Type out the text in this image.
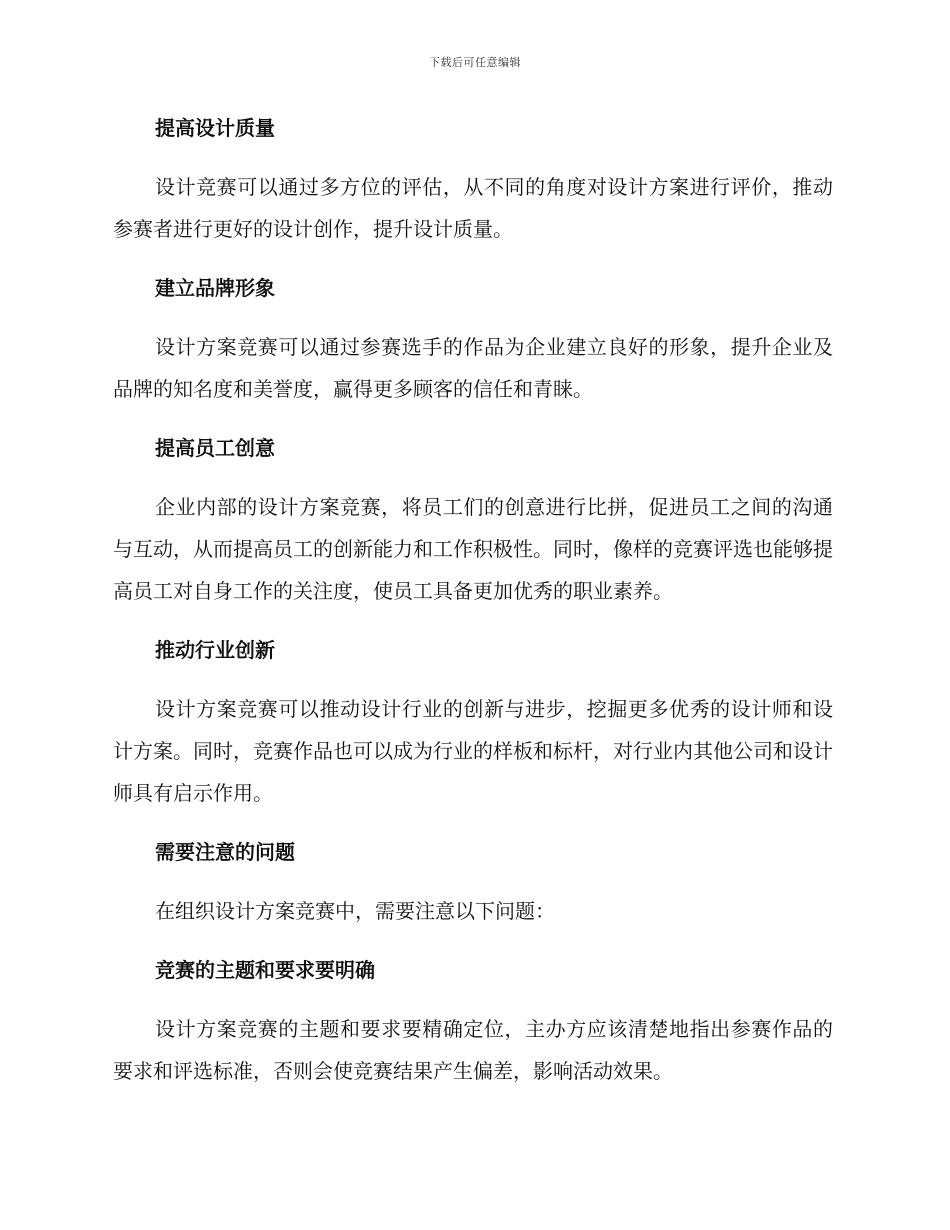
下载后可任意编辑
提高设计质量
设计竞赛可以通过多方位的评估，从不同的角度对设计方案进行评价，推动参赛者进行更好的设计创作，提升设计质量。
建立品牌形象
设计方案竞赛可以通过参赛选手的作品为企业建立良好的形象，提升企业及品牌的知名度和美誉度，赢得更多顾客的信任和青睐。
提高员工创意
企业内部的设计方案竞赛，将员工们的创意进行比拼，促进员工之间的沟通与互动，从而提高员工的创新能力和工作积极性。同时，像样的竞赛评选也能够提高员工对自身工作的关注度，使员工具备更加优秀的职业素养。
推动行业创新
设计方案竞赛可以推动设计行业的创新与进步，挖掘更多优秀的设计师和设计方案。同时，竞赛作品也可以成为行业的样板和标杆，对行业内其他公司和设计师具有启示作用。
需要注意的问题
在组织设计方案竞赛中，需要注意以下问题：
竞赛的主题和要求要明确
设计方案竞赛的主题和要求要精确定位，主办方应该清楚地指出参赛作品的要求和评选标准，否则会使竞赛结果产生偏差，影响活动效果。
